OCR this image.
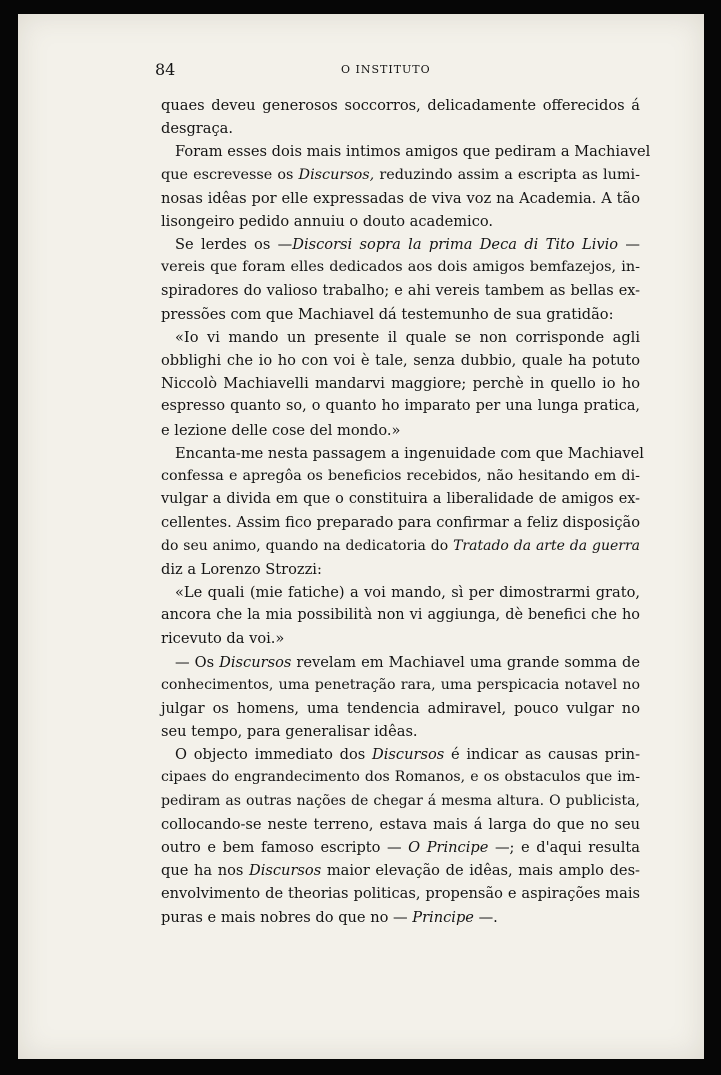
84	O INSTITUTO
quaes deveu generosos soccorros, delicadamente offerecidos á
desgraça.
Foram esses dois mais intimos amigos que pediram a Machiavel
que escrevesse os Discursos, reduzindo assim a escripta as lumi-
nosas idêas por elle expressadas de viva voz na Academia. A tão
lisongeiro pedido annuiu o douto academico.
Se lerdes os —Discorsi sopra la prima Deca di Tito Livio —
vereis que foram elles dedicados aos dois amigos bemfazejos, in-
spiradores do valioso trabalho; e ahi vereis tambem as bellas ex-
pressões com que Machiavel dá testemunho de sua gratidão:
«Io vi mando un presente il quale se non corrisponde agli
obblighi che io ho con voi è tale, senza dubbio, quale ha potuto
Niccolò Machiavelli mandarvi maggiore; perchè in quello io ho
espresso quanto so, o quanto ho imparato per una lunga pratica,
e lezione delle cose del mondo.»
Encanta-me nesta passagem a ingenuidade com que Machiavel
confessa e apregôa os beneficios recebidos, não hesitando em di-
vulgar a divida em que o constituira a liberalidade de amigos ex-
cellentes. Assim fico preparado para confirmar a feliz disposição
do seu animo, quando na dedicatoria do Tratado da arte da guerra
diz a Lorenzo Strozzi:
«Le quali (mie fatiche) a voi mando, sì per dimostrarmi grato,
ancora che la mia possibilità non vi aggiunga, dè benefici che ho
ricevuto da voi.»
— Os Discursos revelam em Machiavel uma grande somma de
conhecimentos, uma penetração rara, uma perspicacia notavel no
julgar os homens, uma tendencia admiravel, pouco vulgar no
seu tempo, para generalisar idêas.
O objecto immediato dos Discursos é indicar as causas prin-
cipaes do engrandecimento dos Romanos, e os obstaculos que im-
pediram as outras nações de chegar á mesma altura. O publicista,
collocando-se neste terreno, estava mais á larga do que no seu
outro e bem famoso escripto — O Principe —; e d'aqui resulta
que ha nos Discursos maior elevação de idêas, mais amplo des-
envolvimento de theorias politicas, propensão e aspirações mais
puras e mais nobres do que no — Principe —.
